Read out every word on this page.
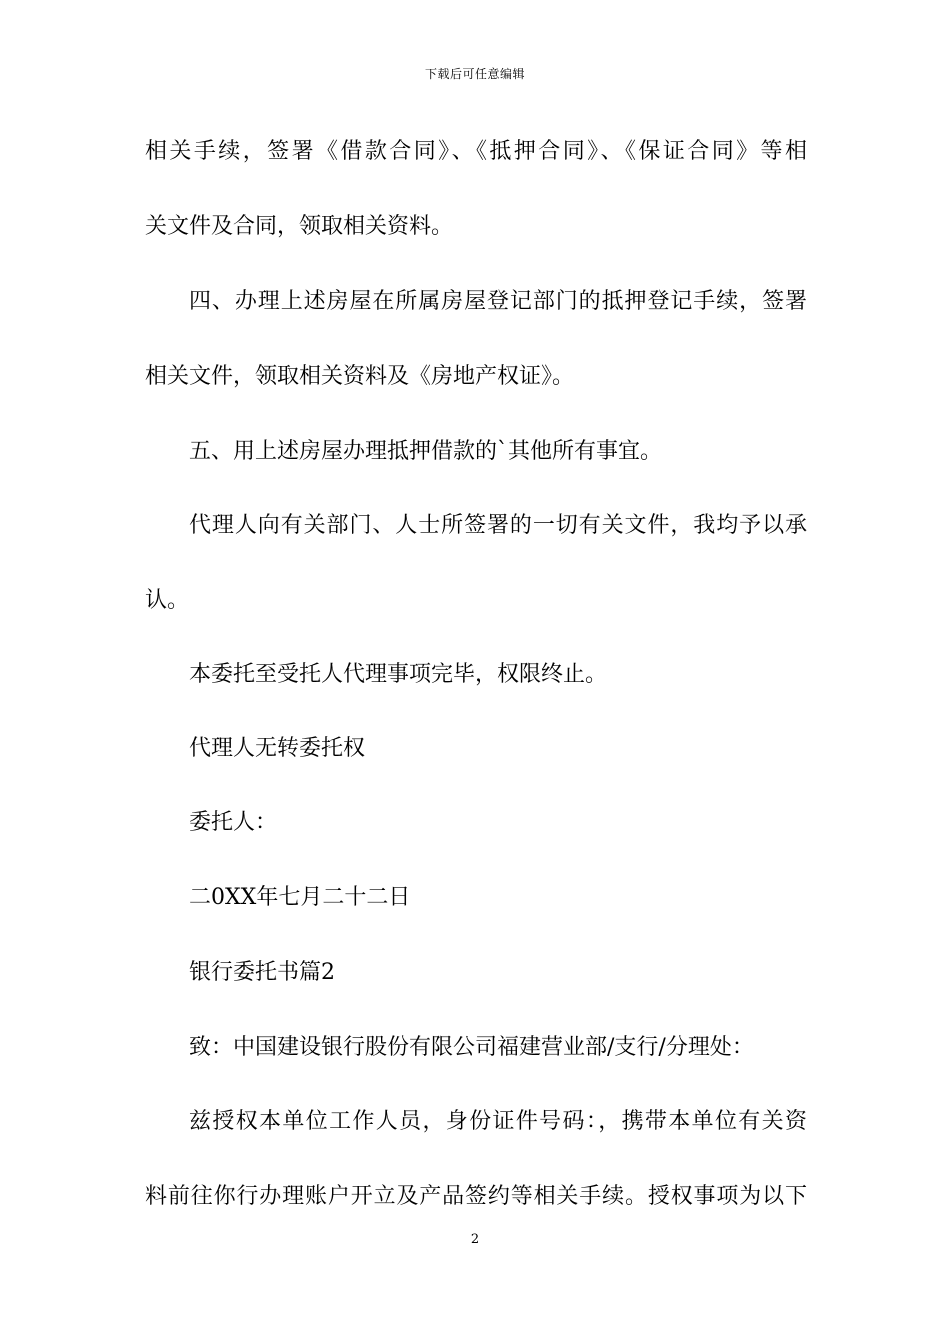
下载后可任意编辑
相关手续，签署《借款合同》、《抵押合同》、《保证合同》等相
关文件及合同，领取相关资料。
四、办理上述房屋在所属房屋登记部门的抵押登记手续，签署
相关文件，领取相关资料及《房地产权证》。
五、用上述房屋办理抵押借款的`其他所有事宜。
代理人向有关部门、人士所签署的一切有关文件，我均予以承
认。
本委托至受托人代理事项完毕，权限终止。
代理人无转委托权
委托人：
二0XX年七月二十二日
银行委托书篇2
致：中国建设银行股份有限公司福建营业部/支行/分理处：
兹授权本单位工作人员，身份证件号码：，携带本单位有关资
料前往你行办理账户开立及产品签约等相关手续。授权事项为以下
2
